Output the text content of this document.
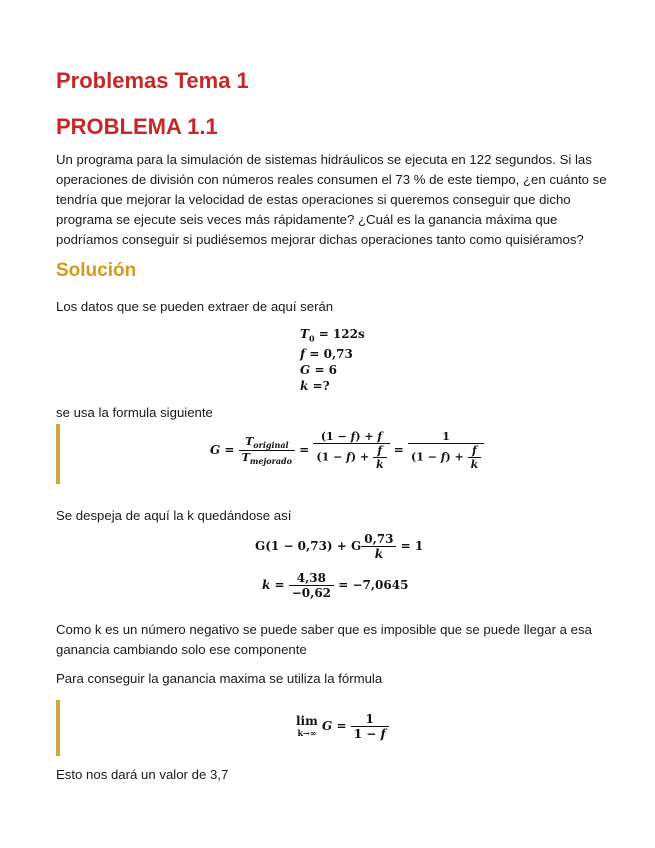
Problemas Tema 1
PROBLEMA 1.1

Un programa para la simulación de sistemas hidráulicos se ejecuta en 122 segundos. Si las operaciones de división con números reales consumen el 73 % de este tiempo, ¿en cuánto se tendría que mejorar la velocidad de estas operaciones si queremos conseguir que dicho programa se ejecute seis veces más rápidamente? ¿Cuál es la ganancia máxima que podríamos conseguir si pudiésemos mejorar dichas operaciones tanto como quisiéramos?

Solución

Los datos que se pueden extraer de aquí serán

$T_0 = 122s$
f = 0,73
G = 6
k =?

se usa la formula siguiente

$G = \frac{T_{original}}{T_{mejorado}} = \frac{(1 - f) + f}{(1 - f) + \frac{f}{k}} = \frac{1}{(1 - f) + \frac{f}{k}}$

Se despeja de aquí la k quedándose así

G(1 − 0,73) + G $\frac{0,73}{k} = 1$
$k = \frac{4,38}{-0,62} = -7,0645$

Como k es un número negativo se puede saber que es imposible que se puede llegar a esa ganancia cambiando solo ese componente

Para conseguir la ganancia maxima se utiliza la fórmula

lim
k→∞ $G = \frac{1}{1 - f}$

Esto nos dará un valor de 3,7
